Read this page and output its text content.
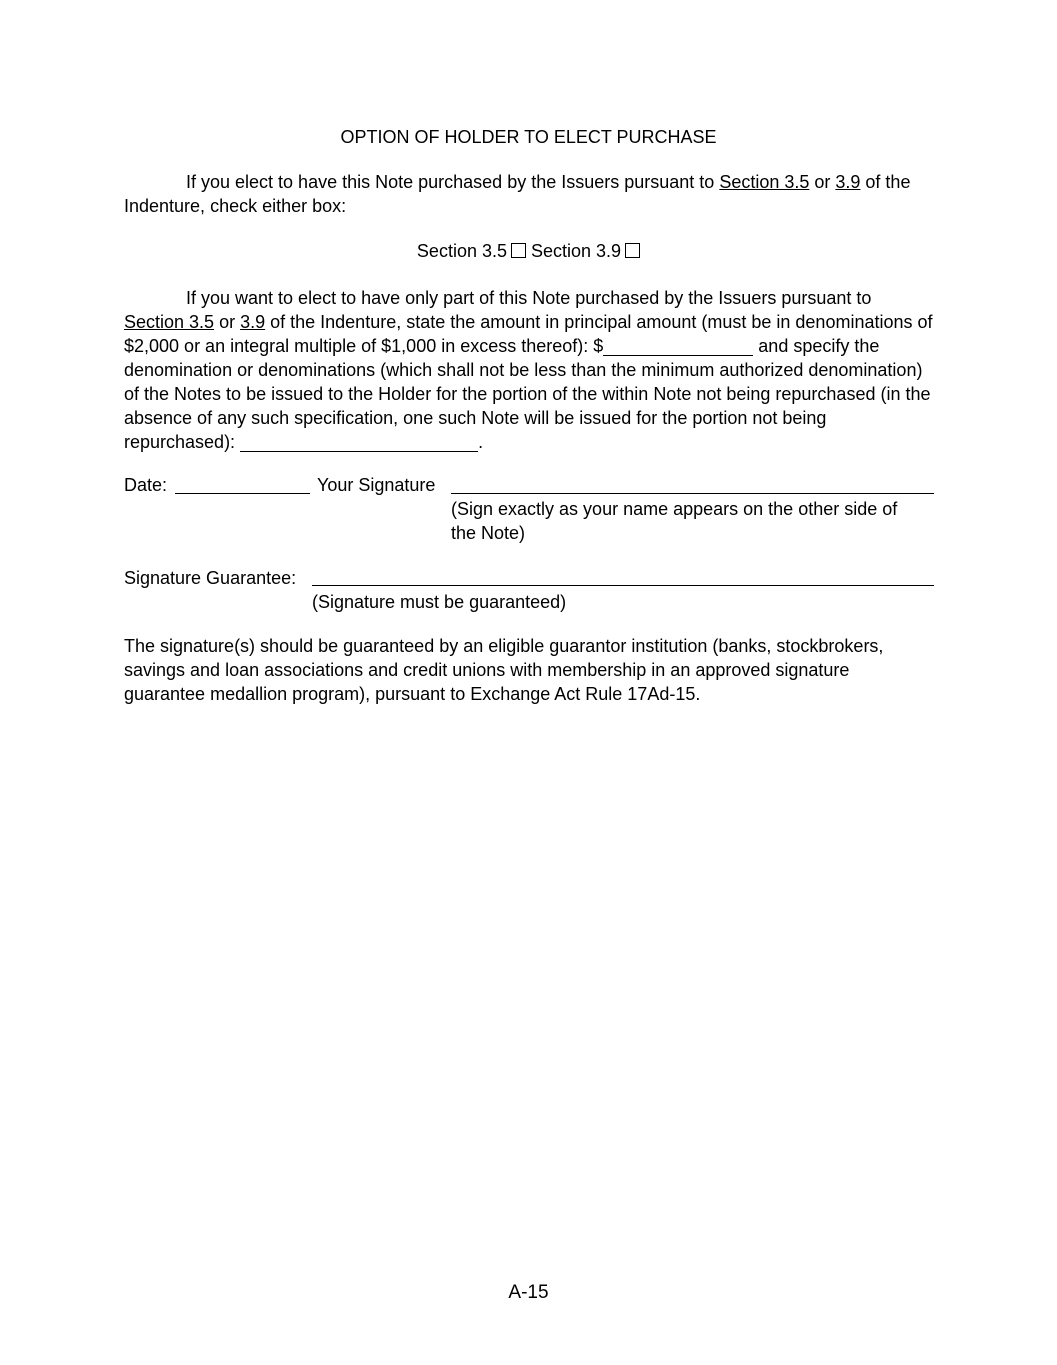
OPTION OF HOLDER TO ELECT PURCHASE
If you elect to have this Note purchased by the Issuers pursuant to Section 3.5 or 3.9 of the Indenture, check either box:
Section 3.5 Section 3.9
If you want to elect to have only part of this Note purchased by the Issuers pursuant to Section 3.5 or 3.9 of the Indenture, state the amount in principal amount (must be in denominations of $2,000 or an integral multiple of $1,000 in excess thereof): $	and specify the denomination or denominations (which shall not be less than the minimum authorized denomination) of the Notes to be issued to the Holder for the portion of the within Note not being repurchased (in the absence of any such specification, one such Note will be issued for the portion not being repurchased):	.
Date:	Your Signature
(Sign exactly as your name appears on the other side of the Note)
Signature Guarantee:
(Signature must be guaranteed)
The signature(s) should be guaranteed by an eligible guarantor institution (banks, stockbrokers, savings and loan associations and credit unions with membership in an approved signature guarantee medallion program), pursuant to Exchange Act Rule 17Ad-15.
A-15
